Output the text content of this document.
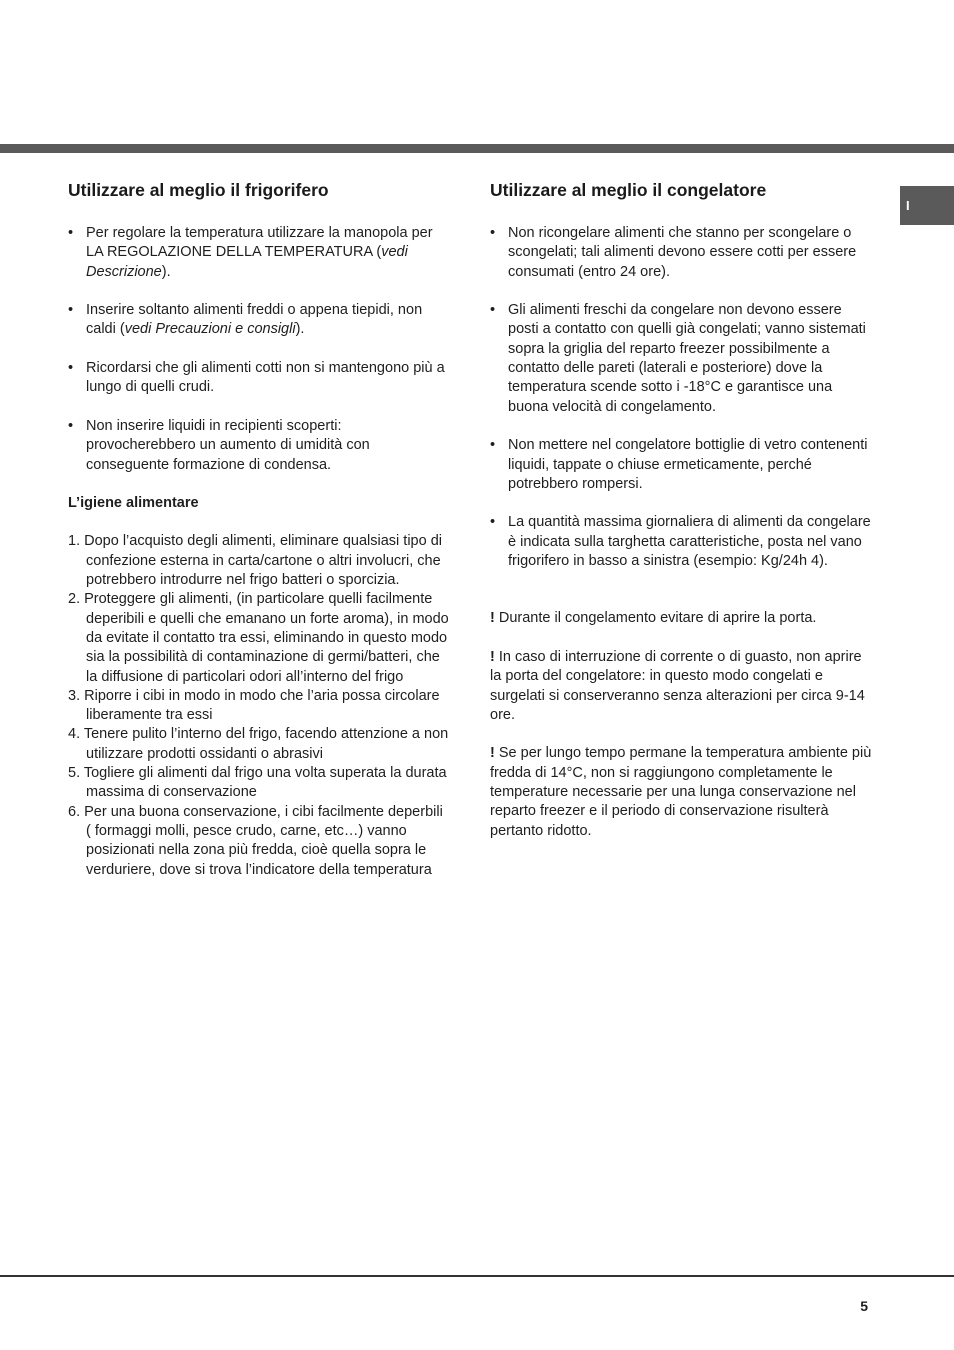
I
Utilizzare al meglio il frigorifero
• Per regolare la temperatura utilizzare la manopola per LA REGOLAZIONE DELLA TEMPERATURA (vedi Descrizione).
• Inserire soltanto alimenti freddi o appena tiepidi, non caldi (vedi Precauzioni e consigli).
• Ricordarsi che gli alimenti cotti non si mantengono più a lungo di quelli crudi.
• Non inserire liquidi in recipienti scoperti: provocherebbero un aumento di umidità con conseguente formazione di condensa.
L’igiene alimentare
1. Dopo l’acquisto degli alimenti, eliminare qualsiasi tipo di confezione esterna in carta/cartone o altri involucri, che potrebbero introdurre nel frigo batteri o sporcizia.
2. Proteggere gli alimenti, (in particolare quelli facilmente deperibili e quelli che emanano un forte aroma), in modo da evitate il contatto tra essi, eliminando in questo modo sia la possibilità di contaminazione di germi/batteri, che la diffusione di particolari odori all’interno del frigo
3. Riporre i cibi in modo in modo che l’aria possa circolare liberamente tra essi
4. Tenere pulito l’interno del frigo, facendo attenzione a non utilizzare prodotti ossidanti o abrasivi
5. Togliere gli alimenti dal frigo una volta superata la durata massima di conservazione
6. Per una buona conservazione, i cibi facilmente deperbili ( formaggi molli, pesce crudo, carne, etc…) vanno posizionati nella zona più fredda, cioè quella sopra le verduriere, dove si trova l’indicatore della temperatura
Utilizzare al meglio il congelatore
• Non ricongelare alimenti che stanno per scongelare o scongelati; tali alimenti devono essere cotti per essere consumati (entro 24 ore).
• Gli alimenti freschi da congelare non devono essere posti a contatto con quelli già congelati; vanno sistemati sopra la griglia del reparto freezer possibilmente a contatto delle pareti (laterali e posteriore) dove la temperatura scende sotto i -18°C e garantisce una buona velocità di congelamento.
• Non mettere nel congelatore bottiglie di vetro contenenti liquidi, tappate o chiuse ermeticamente, perché potrebbero rompersi.
• La quantità massima giornaliera di alimenti da congelare è indicata sulla targhetta caratteristiche, posta nel vano frigorifero in basso a sinistra (esempio: Kg/24h 4).

! Durante il congelamento evitare di aprire la porta.

! In caso di interruzione di corrente o di guasto, non aprire la porta del congelatore: in questo modo congelati e surgelati si conserveranno senza alterazioni per circa 9-14 ore.

! Se per lungo tempo permane la temperatura ambiente più fredda di 14°C, non si raggiungono completamente le temperature necessarie per una lunga conservazione nel reparto freezer e il periodo di conservazione risulterà pertanto ridotto.

5
